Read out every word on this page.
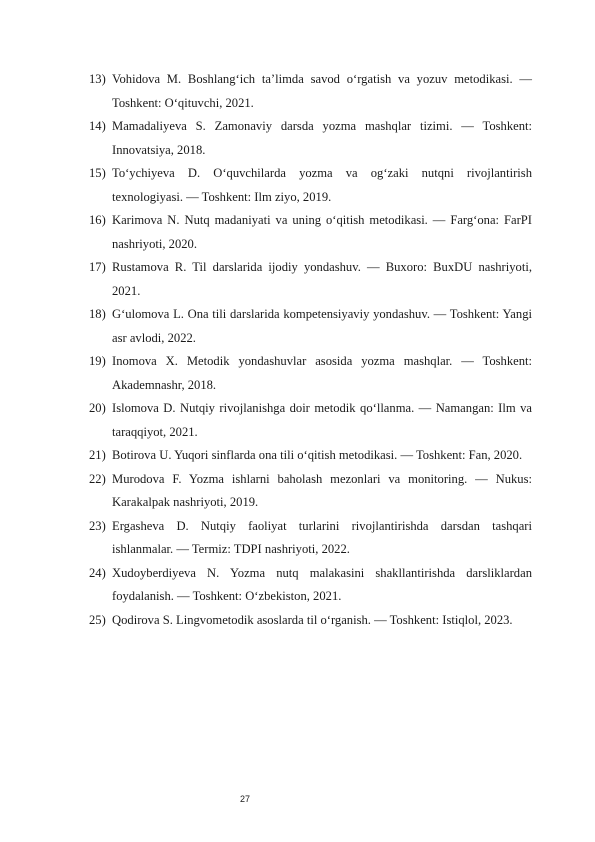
13) Vohidova M. Boshlang‘ich ta’limda savod o‘rgatish va yozuv metodikasi. — Toshkent: O‘qituvchi, 2021.
14) Mamadaliyeva S. Zamonaviy darsda yozma mashqlar tizimi. — Toshkent: Innovatsiya, 2018.
15) To‘ychiyeva D. O‘quvchilarda yozma va og‘zaki nutqni rivojlantirish texnologiyasi. — Toshkent: Ilm ziyo, 2019.
16) Karimova N. Nutq madaniyati va uning o‘qitish metodikasi. — Farg‘ona: FarPI nashriyoti, 2020.
17) Rustamova R. Til darslarida ijodiy yondashuv. — Buxoro: BuxDU nashriyoti, 2021.
18) G‘ulomova L. Ona tili darslarida kompetensiyaviy yondashuv. — Toshkent: Yangi asr avlodi, 2022.
19) Inomova X. Metodik yondashuvlar asosida yozma mashqlar. — Toshkent: Akademnashr, 2018.
20) Islomova D. Nutqiy rivojlanishga doir metodik qo‘llanma. — Namangan: Ilm va taraqqiyot, 2021.
21) Botirova U. Yuqori sinflarda ona tili o‘qitish metodikasi. — Toshkent: Fan, 2020.
22) Murodova F. Yozma ishlarni baholash mezonlari va monitoring. — Nukus: Karakalpak nashriyoti, 2019.
23) Ergasheva D. Nutqiy faoliyat turlarini rivojlantirishda darsdan tashqari ishlanmalar. — Termiz: TDPI nashriyoti, 2022.
24) Xudoyberdiyeva N. Yozma nutq malakasini shakllantirishda darsliklardan foydalanish. — Toshkent: O‘zbekiston, 2021.
25) Qodirova S. Lingvometodik asoslarda til o‘rganish. — Toshkent: Istiqlol, 2023.
27
